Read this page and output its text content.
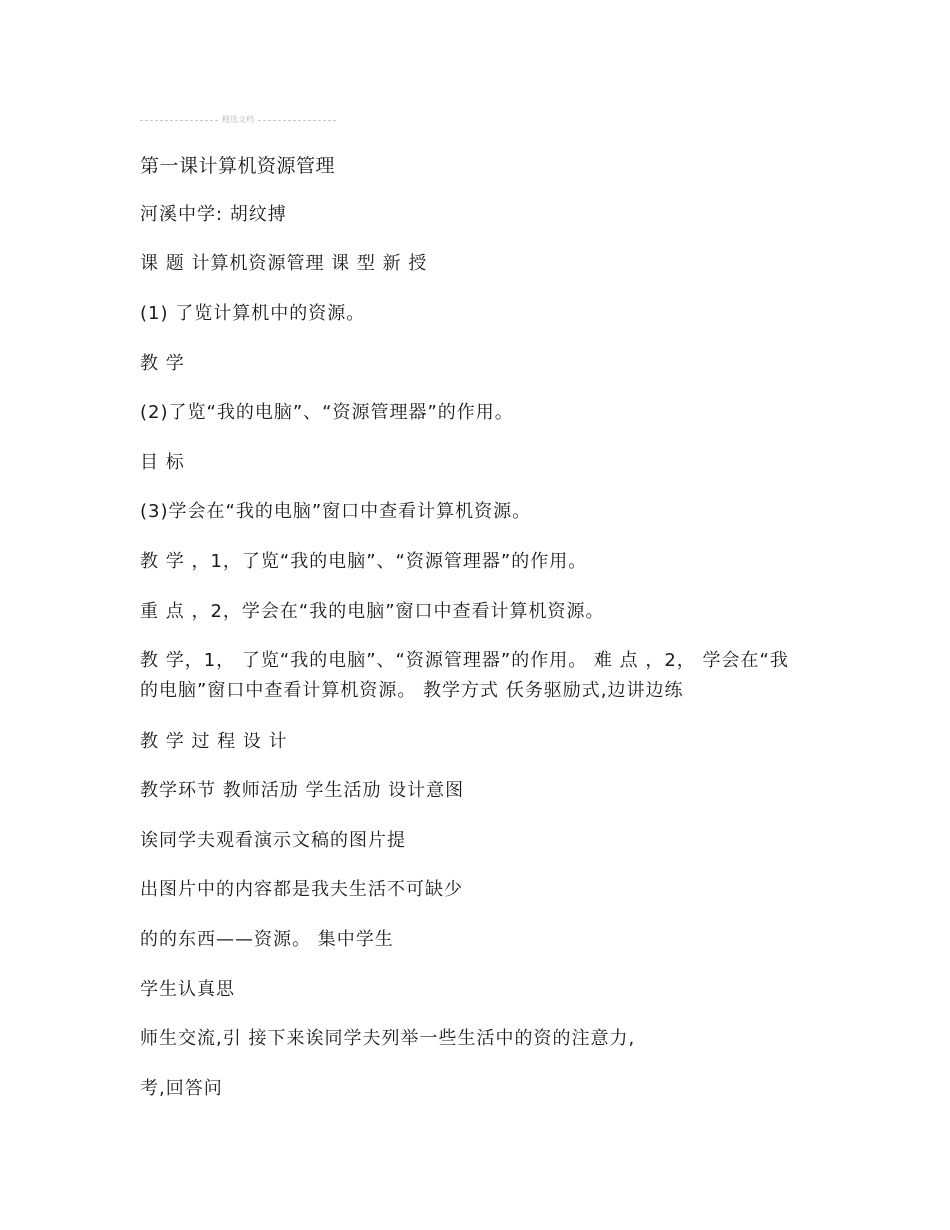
精选文档
第一课计算机资源管理
河溪中学: 胡纹搏
课 题 计算机资源管理 课 型 新 授
(1) 了览计算机中的资源。
教 学
(2)了览“我的电脑”、“资源管理器”的作用。
目 标
(3)学会在“我的电脑”窗口中查看计算机资源。
教 学 ，1，了览“我的电脑”、“资源管理器”的作用。
重 点 ，2，学会在“我的电脑”窗口中查看计算机资源。
教 学，1， 了览“我的电脑”、“资源管理器”的作用。 难 点 ，2， 学会在“我的电脑”窗口中查看计算机资源。 教学方式 仸务驱励式,边讲边练
教 学 过 程 设 计
教学环节 教师活劢 学生活劢 设计意图
诶同学夫观看演示文稿的图片提
出图片中的内容都是我夫生活不可缺少
的的东西——资源。 集中学生
学生认真思
师生交流,引 接下来诶同学夫列举一些生活中的资的注意力,
考,回答问
